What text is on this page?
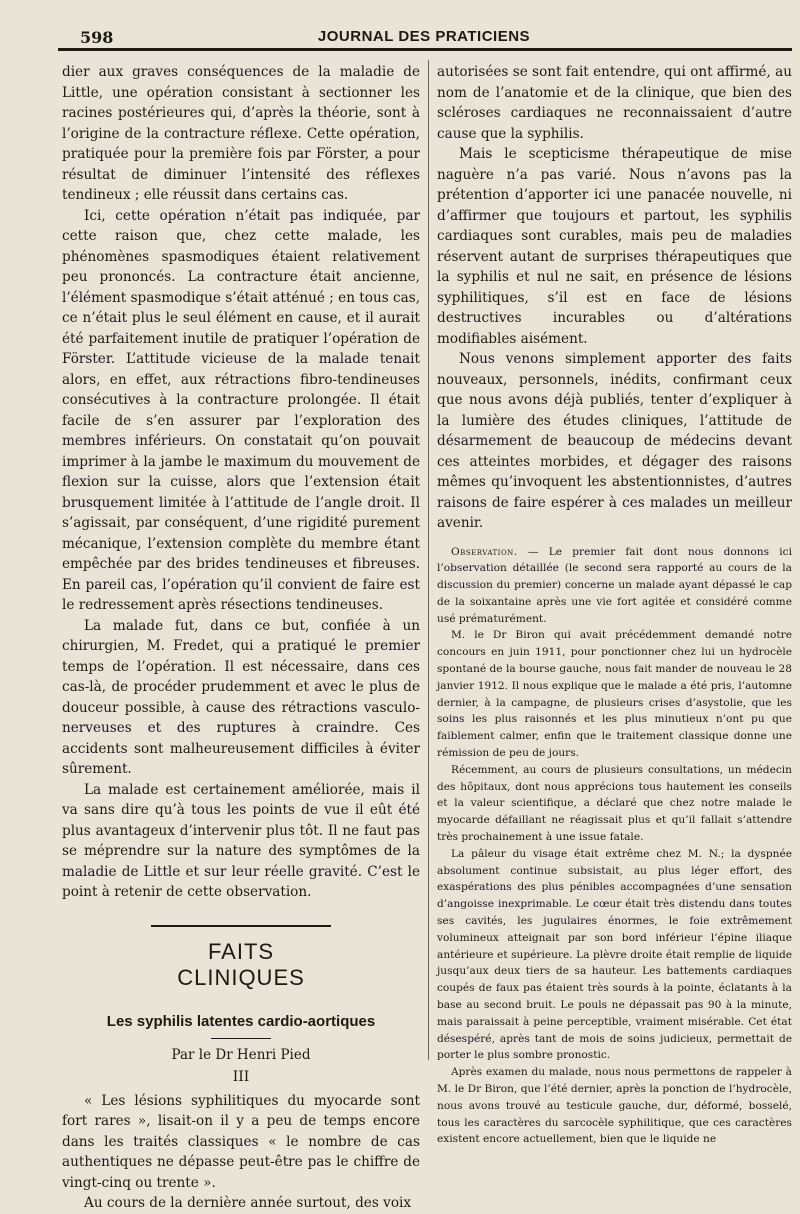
598	JOURNAL DES PRATICIENS

dier aux graves conséquences de la maladie de Little, une opération consistant à sectionner les racines postérieures qui, d’après la théorie, sont à l’origine de la contracture réflexe. Cette opération, pratiquée pour la première fois par Förster, a pour résultat de diminuer l’intensité des réflexes tendineux ; elle réussit dans certains cas.

Ici, cette opération n’était pas indiquée, par cette raison que, chez cette malade, les phénomènes spasmodiques étaient relativement peu prononcés. La contracture était ancienne, l’élément spasmodique s’était atténué ; en tous cas, ce n’était plus le seul élément en cause, et il aurait été parfaitement inutile de pratiquer l’opération de Förster. L’attitude vicieuse de la malade tenait alors, en effet, aux rétractions fibro-tendineuses consécutives à la contracture prolongée. Il était facile de s’en assurer par l’exploration des membres inférieurs. On constatait qu’on pouvait imprimer à la jambe le maximum du mouvement de flexion sur la cuisse, alors que l’extension était brusquement limitée à l’attitude de l’angle droit. Il s’agissait, par conséquent, d’une rigidité purement mécanique, l’extension complète du membre étant empêchée par des brides tendineuses et fibreuses. En pareil cas, l’opération qu’il convient de faire est le redressement après résections tendineuses.

La malade fut, dans ce but, confiée à un chirurgien, M. Fredet, qui a pratiqué le premier temps de l’opération. Il est nécessaire, dans ces cas-là, de procéder prudemment et avec le plus de douceur possible, à cause des rétractions vasculo-nerveuses et des ruptures à craindre. Ces accidents sont malheureusement difficiles à éviter sûrement.

La malade est certainement améliorée, mais il va sans dire qu’à tous les points de vue il eût été plus avantageux d’intervenir plus tôt. Il ne faut pas se méprendre sur la nature des symptômes de la maladie de Little et sur leur réelle gravité. C’est le point à retenir de cette observation.

FAITS CLINIQUES
Les syphilis latentes cardio-aortiques
Par le Dr Henri Pied
III

« Les lésions syphilitiques du myocarde sont fort rares », lisait-on il y a peu de temps encore dans les traités classiques « le nombre de cas authentiques ne dépasse peut-être pas le chiffre de vingt-cinq ou trente ».

Au cours de la dernière année surtout, des voix

autorisées se sont fait entendre, qui ont affirmé, au nom de l’anatomie et de la clinique, que bien des scléroses cardiaques ne reconnaissaient d’autre cause que la syphilis.

Mais le scepticisme thérapeutique de mise naguère n’a pas varié. Nous n’avons pas la prétention d’apporter ici une panacée nouvelle, ni d’affirmer que toujours et partout, les syphilis cardiaques sont curables, mais peu de maladies réservent autant de surprises thérapeutiques que la syphilis et nul ne sait, en présence de lésions syphilitiques, s’il est en face de lésions destructives incurables ou d’altérations modifiables aisément.

Nous venons simplement apporter des faits nouveaux, personnels, inédits, confirmant ceux que nous avons déjà publiés, tenter d’expliquer à la lumière des études cliniques, l’attitude de désarmement de beaucoup de médecins devant ces atteintes morbides, et dégager des raisons mêmes qu’invoquent les abstentionnistes, d’autres raisons de faire espérer à ces malades un meilleur avenir.

Observation. — Le premier fait dont nous donnons ici l’observation détaillée (le second sera rapporté au cours de la discussion du premier) concerne un malade ayant dépassé le cap de la soixantaine après une vie fort agitée et considéré comme usé prématurément.

M. le Dr Biron qui avait précédemment demandé notre concours en juin 1911, pour ponctionner chez lui un hydrocèle spontané de la bourse gauche, nous fait mander de nouveau le 28 janvier 1912. Il nous explique que le malade a été pris, l’automne dernier, à la campagne, de plusieurs crises d’asystolie, que les soins les plus raisonnés et les plus minutieux n’ont pu que faiblement calmer, enfin que le traitement classique donne une rémission de peu de jours.

Récemment, au cours de plusieurs consultations, un médecin des hôpitaux, dont nous apprécions tous hautement les conseils et la valeur scientifique, a déclaré que chez notre malade le myocarde défaillant ne réagissait plus et qu’il fallait s’attendre très prochainement à une issue fatale.

La pâleur du visage était extrême chez M. N.; la dyspnée absolument continue subsistait, au plus léger effort, des exaspérations des plus pénibles accompagnées d’une sensation d’angoisse inexprimable. Le cœur était très distendu dans toutes ses cavités, les jugulaires énormes, le foie extrêmement volumineux atteignait par son bord inférieur l’épine iliaque antérieure et supérieure. La plèvre droite était remplie de liquide jusqu’aux deux tiers de sa hauteur. Les battements cardiaques coupés de faux pas étaient très sourds à la pointe, éclatants à la base au second bruit. Le pouls ne dépassait pas 90 à la minute, mais paraissait à peine perceptible, vraiment misérable. Cet état désespéré, après tant de mois de soins judicieux, permettait de porter le plus sombre pronostic.

Après examen du malade, nous nous permettons de rappeler à M. le Dr Biron, que l’été dernier, après la ponction de l’hydrocèle, nous avons trouvé au testicule gauche, dur, déformé, bosselé, tous les caractères du sarcocèle syphilitique, que ces caractères existent encore actuellement, bien que le liquide ne
